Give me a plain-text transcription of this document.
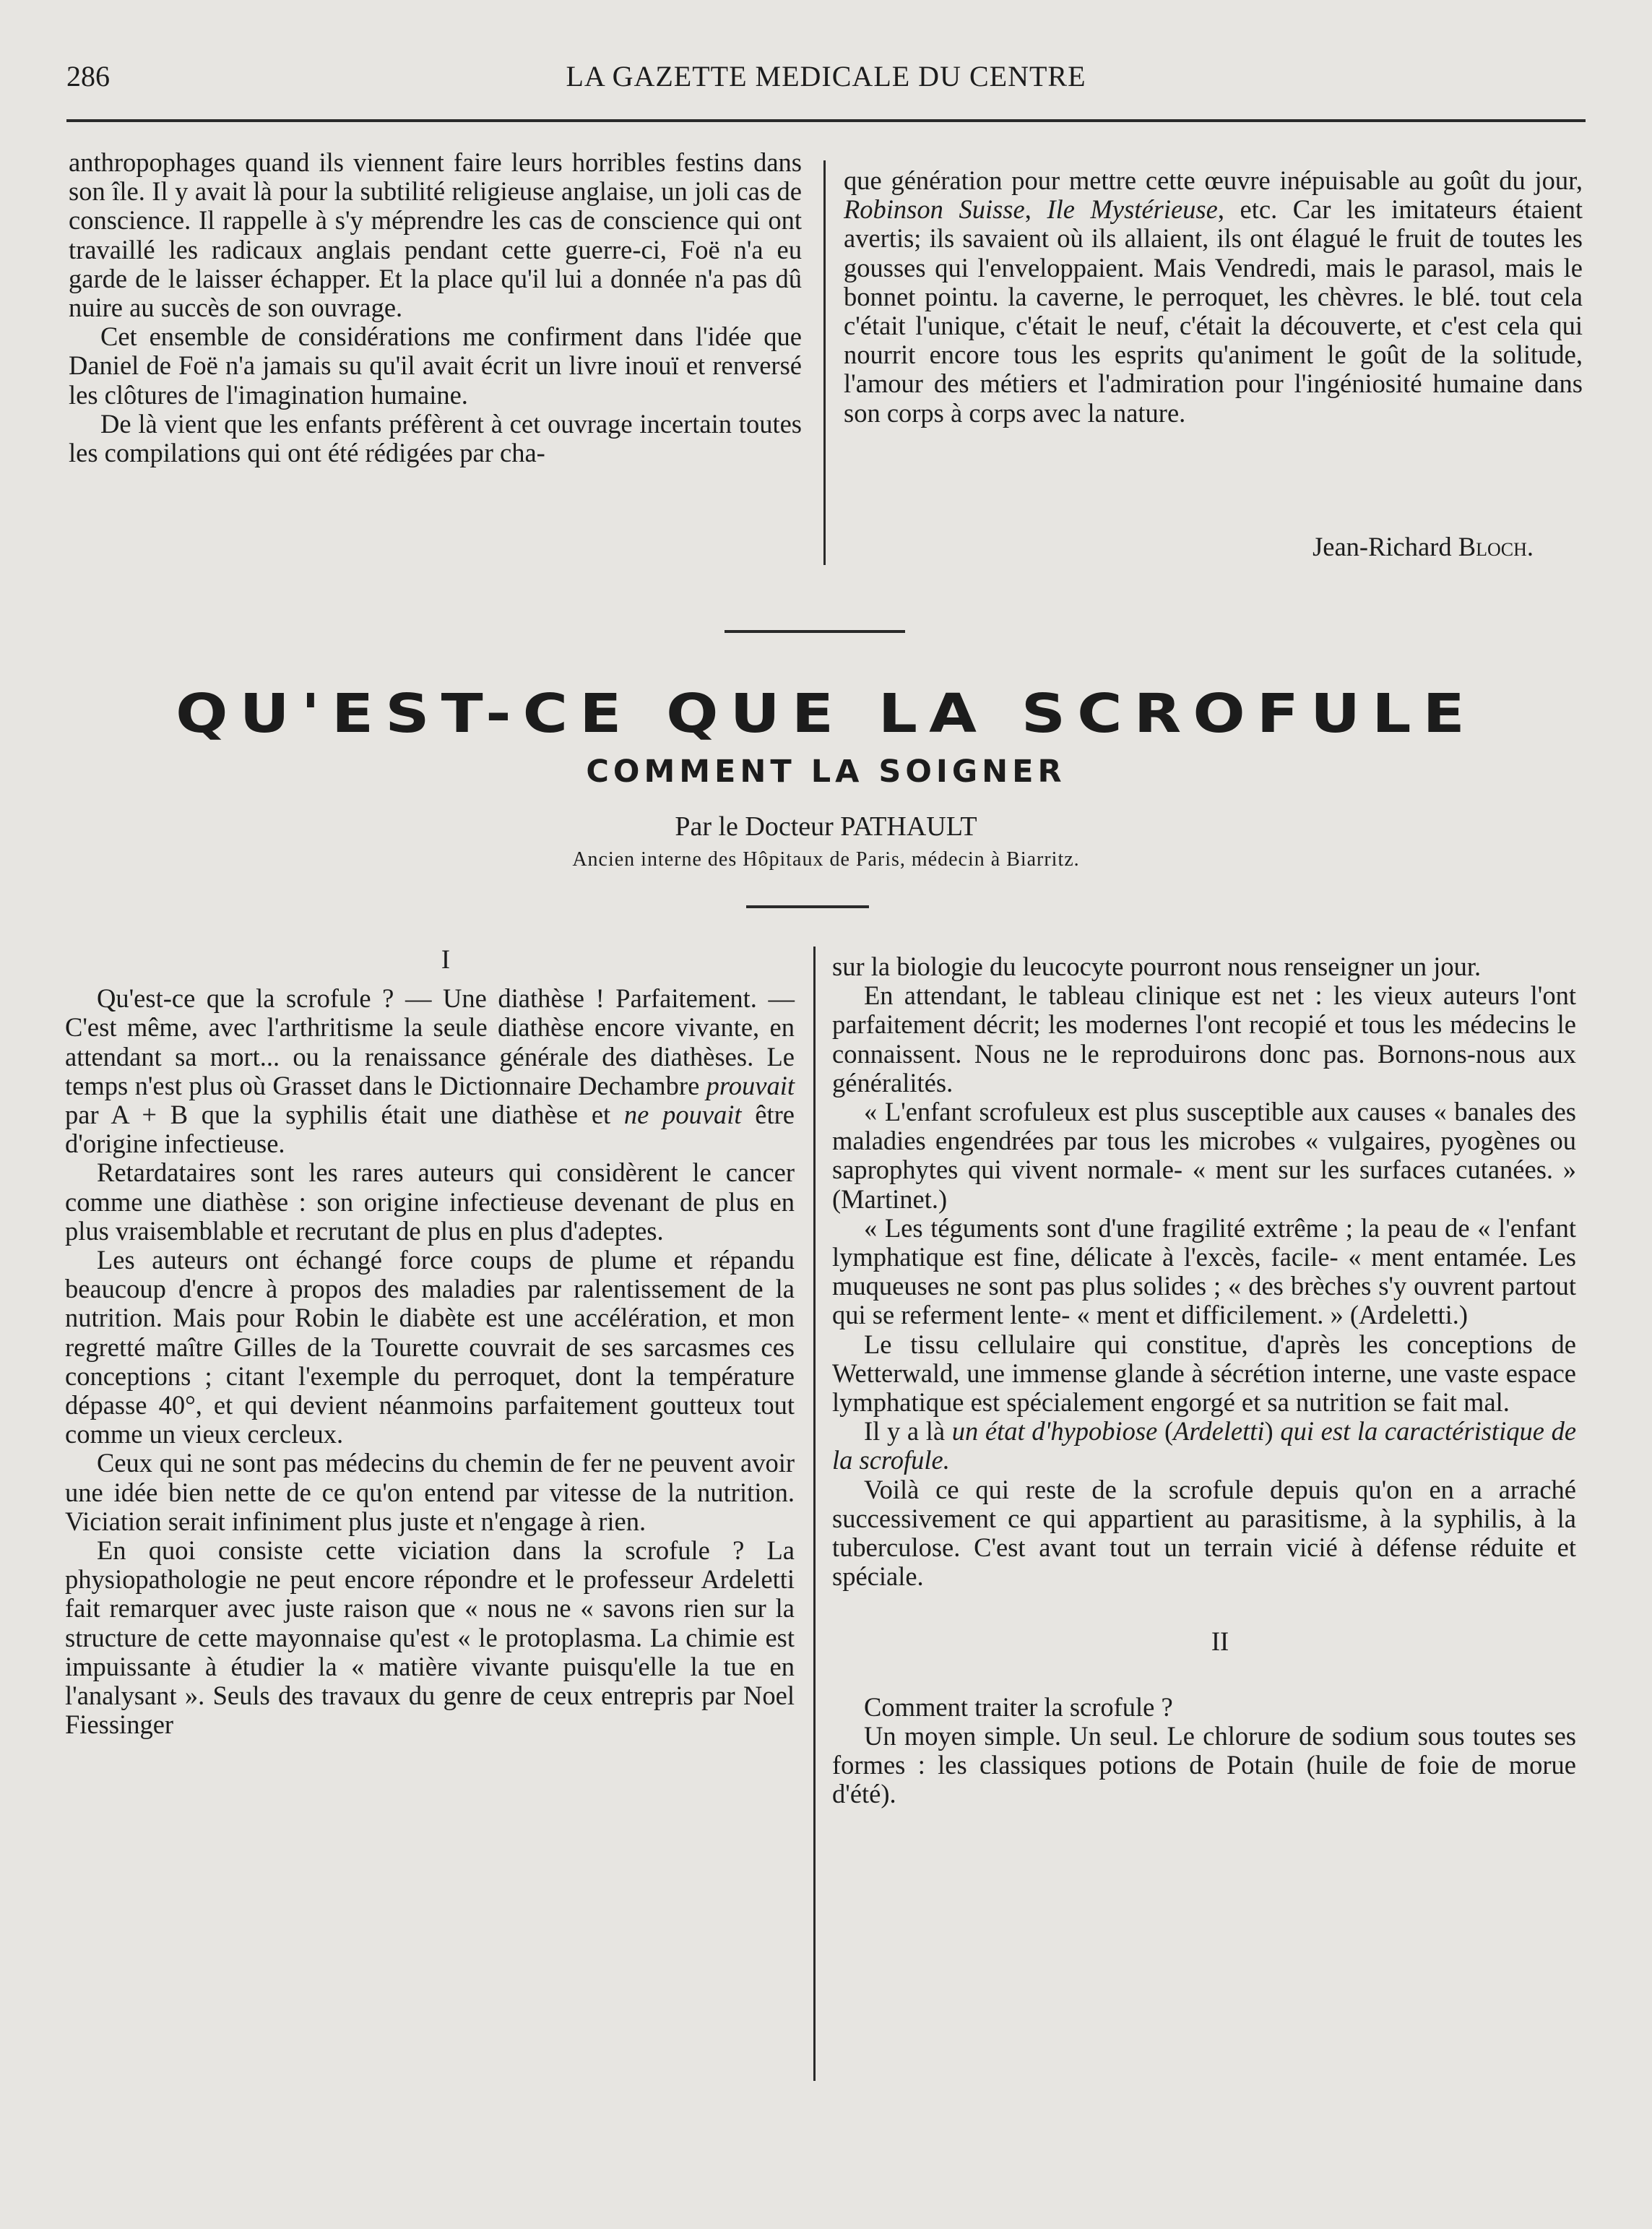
286	LA GAZETTE MEDICALE DU CENTRE

anthropophages quand ils viennent faire leurs horribles festins dans son île. Il y avait là pour la subtilité religieuse anglaise, un joli cas de conscience. Il rappelle à s'y méprendre les cas de conscience qui ont travaillé les radicaux anglais pendant cette guerre-ci, Foë n'a eu garde de le laisser échapper. Et la place qu'il lui a donnée n'a pas dû nuire au succès de son ouvrage.

Cet ensemble de considérations me confirment dans l'idée que Daniel de Foë n'a jamais su qu'il avait écrit un livre inouï et renversé les clôtures de l'imagination humaine.

De là vient que les enfants préfèrent à cet ouvrage incertain toutes les compilations qui ont été rédigées par cha-

que génération pour mettre cette œuvre inépuisable au goût du jour, Robinson Suisse, Ile Mystérieuse, etc. Car les imitateurs étaient avertis; ils savaient où ils allaient, ils ont élagué le fruit de toutes les gousses qui l'enveloppaient. Mais Vendredi, mais le parasol, mais le bonnet pointu. la caverne, le perroquet, les chèvres. le blé. tout cela c'était l'unique, c'était le neuf, c'était la découverte, et c'est cela qui nourrit encore tous les esprits qu'animent le goût de la solitude, l'amour des métiers et l'admiration pour l'ingéniosité humaine dans son corps à corps avec la nature.

Jean-Richard Bloch.
QU'EST-CE QUE LA SCROFULE
COMMENT LA SOIGNER
Par le Docteur PATHAULT
Ancien interne des Hôpitaux de Paris, médecin à Biarritz.

I

Qu'est-ce que la scrofule ? — Une diathèse ! Parfaitement. — C'est même, avec l'arthritisme la seule diathèse encore vivante, en attendant sa mort... ou la renaissance générale des diathèses. Le temps n'est plus où Grasset dans le Dictionnaire Dechambre prouvait par A + B que la syphilis était une diathèse et ne pouvait être d'origine infectieuse.

Retardataires sont les rares auteurs qui considèrent le cancer comme une diathèse : son origine infectieuse devenant de plus en plus vraisemblable et recrutant de plus en plus d'adeptes.

Les auteurs ont échangé force coups de plume et répandu beaucoup d'encre à propos des maladies par ralentissement de la nutrition. Mais pour Robin le diabète est une accélération, et mon regretté maître Gilles de la Tourette couvrait de ses sarcasmes ces conceptions ; citant l'exemple du perroquet, dont la température dépasse 40°, et qui devient néanmoins parfaitement goutteux tout comme un vieux cercleux.

Ceux qui ne sont pas médecins du chemin de fer ne peuvent avoir une idée bien nette de ce qu'on entend par vitesse de la nutrition. Viciation serait infiniment plus juste et n'engage à rien.

En quoi consiste cette viciation dans la scrofule ? La physiopathologie ne peut encore répondre et le professeur Ardeletti fait remarquer avec juste raison que « nous ne « savons rien sur la structure de cette mayonnaise qu'est « le protoplasma. La chimie est impuissante à étudier la « matière vivante puisqu'elle la tue en l'analysant ». Seuls des travaux du genre de ceux entrepris par Noel Fiessinger

sur la biologie du leucocyte pourront nous renseigner un jour.

En attendant, le tableau clinique est net : les vieux auteurs l'ont parfaitement décrit; les modernes l'ont recopié et tous les médecins le connaissent. Nous ne le reproduirons donc pas. Bornons-nous aux généralités.

« L'enfant scrofuleux est plus susceptible aux causes « banales des maladies engendrées par tous les microbes « vulgaires, pyogènes ou saprophytes qui vivent normale- « ment sur les surfaces cutanées. » (Martinet.)

« Les téguments sont d'une fragilité extrême ; la peau de « l'enfant lymphatique est fine, délicate à l'excès, facile- « ment entamée. Les muqueuses ne sont pas plus solides ; « des brèches s'y ouvrent partout qui se referment lente- « ment et difficilement. » (Ardeletti.)

Le tissu cellulaire qui constitue, d'après les conceptions de Wetterwald, une immense glande à sécrétion interne, une vaste espace lymphatique est spécialement engorgé et sa nutrition se fait mal.

Il y a là un état d'hypobiose (Ardeletti) qui est la caractéristique de la scrofule.

Voilà ce qui reste de la scrofule depuis qu'on en a arraché successivement ce qui appartient au parasitisme, à la syphilis, à la tuberculose. C'est avant tout un terrain vicié à défense réduite et spéciale.

II

Comment traiter la scrofule ?

Un moyen simple. Un seul. Le chlorure de sodium sous toutes ses formes : les classiques potions de Potain (huile de foie de morue d'été).
